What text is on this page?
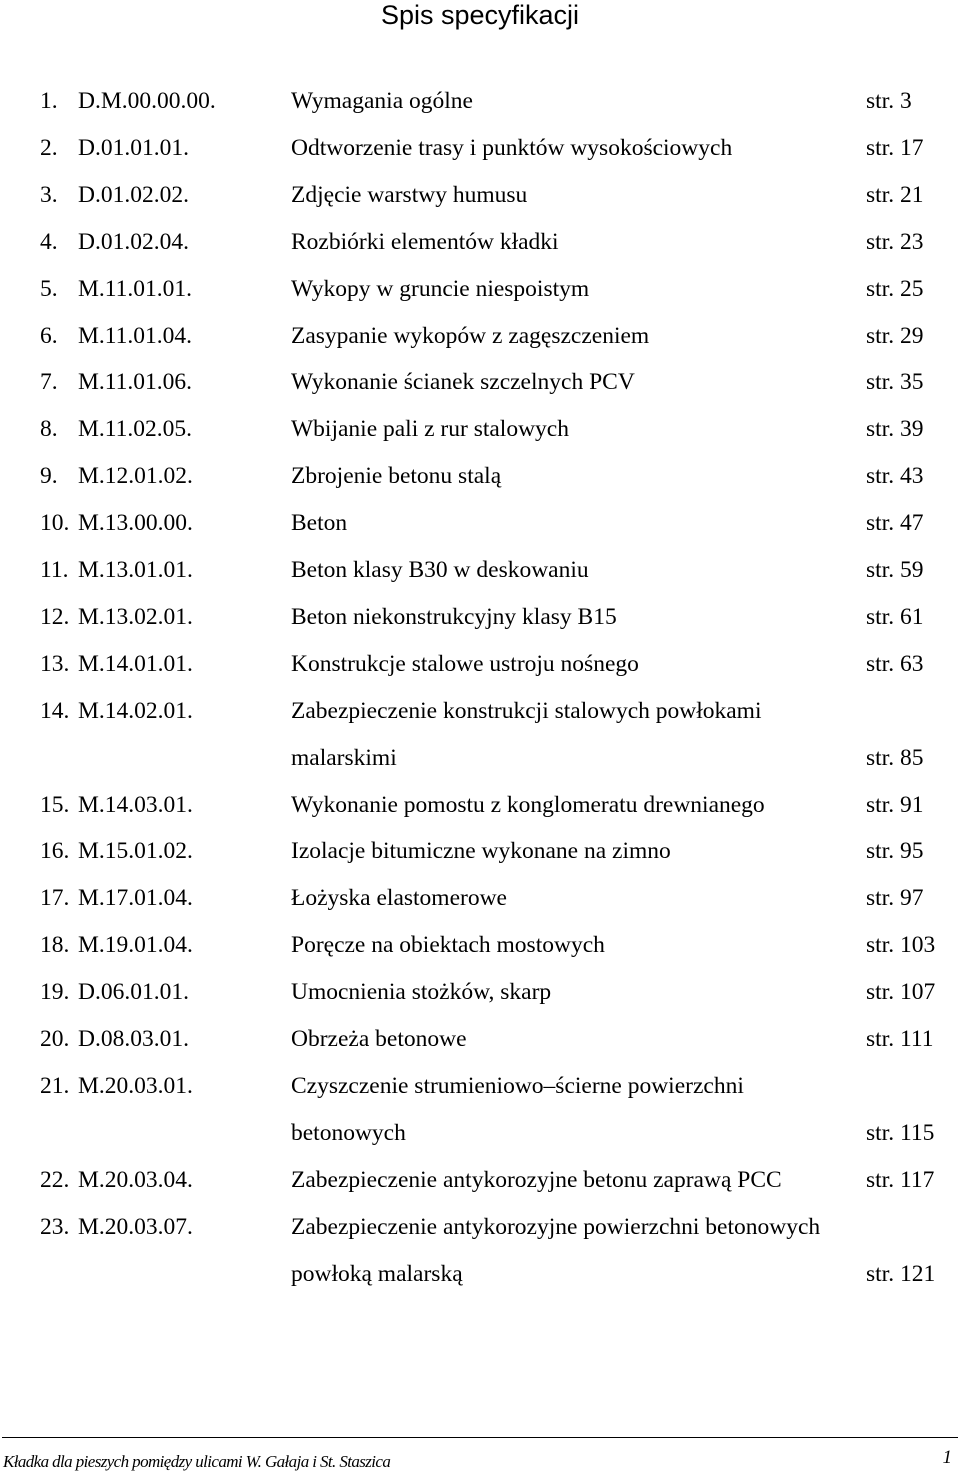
Spis specyfikacji
1. D.M.00.00.00.	Wymagania ogólne	str. 3
2. D.01.01.01.	Odtworzenie trasy i punktów wysokościowych	str. 17
3. D.01.02.02.	Zdjęcie warstwy humusu	str. 21
4. D.01.02.04.	Rozbiórki elementów kładki	str. 23
5. M.11.01.01.	Wykopy w gruncie niespoistym	str. 25
6. M.11.01.04.	Zasypanie wykopów z zagęszczeniem	str. 29
7. M.11.01.06.	Wykonanie ścianek szczelnych PCV	str. 35
8. M.11.02.05.	Wbijanie pali z rur stalowych	str. 39
9. M.12.01.02.	Zbrojenie betonu stalą	str. 43
10. M.13.00.00.	Beton	str. 47
11. M.13.01.01.	Beton klasy B30 w deskowaniu	str. 59
12. M.13.02.01.	Beton niekonstrukcyjny klasy B15	str. 61
13. M.14.01.01.	Konstrukcje stalowe ustroju nośnego	str. 63
14. M.14.02.01.	Zabezpieczenie konstrukcji stalowych powłokami
malarskimi	str. 85
15. M.14.03.01.	Wykonanie pomostu z konglomeratu drewnianego	str. 91
16. M.15.01.02.	Izolacje bitumiczne wykonane na zimno	str. 95
17. M.17.01.04.	Łożyska elastomerowe	str. 97
18. M.19.01.04.	Poręcze na obiektach mostowych	str. 103
19. D.06.01.01.	Umocnienia stożków, skarp	str. 107
20. D.08.03.01.	Obrzeża betonowe	str. 111
21. M.20.03.01.	Czyszczenie strumieniowo–ścierne powierzchni
betonowych	str. 115
22. M.20.03.04.	Zabezpieczenie antykorozyjne betonu zaprawą PCC	str. 117
23. M.20.03.07.	Zabezpieczenie antykorozyjne powierzchni betonowych
powłoką malarską	str. 121
Kładka dla pieszych pomiędzy ulicami W. Gałaja i St. Staszica	1
